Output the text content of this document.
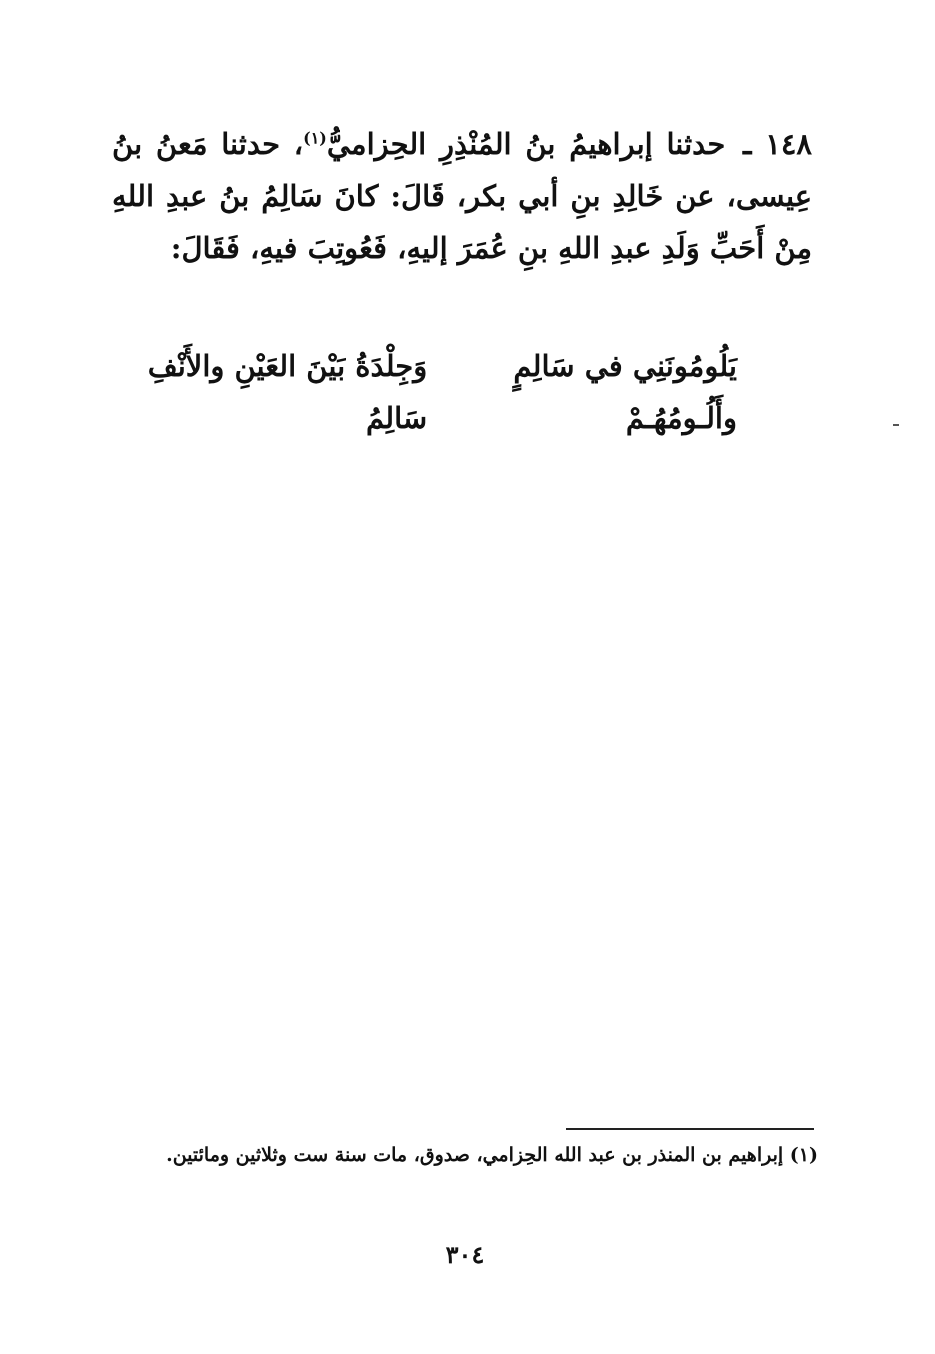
١٤٨ ـ حدثنا إبراهيمُ بنُ المُنْذِرِ الحِزاميُّ$^{(١)}$، حدثنا مَعنُ بنُ عِيسى، عن خَالِدِ بنِ أبي بكر، قَالَ: كانَ سَالِمُ بنُ عبدِ اللهِ مِنْ أَحَبِّ وَلَدِ عبدِ اللهِ بنِ عُمَرَ إليهِ، فَعُوتِبَ فيهِ، فَقَالَ:

يَلُومُونَنِي في سَالِمٍ وأَلُـومُهُـمْ
وَجِلْدَةُ بَيْنَ العَيْنِ والأَنْفِ سَالِمُ

(١) إبراهيم بن المنذر بن عبد الله الحِزامي، صدوق، مات سنة ست وثلاثين ومائتين.

٣٠٤
